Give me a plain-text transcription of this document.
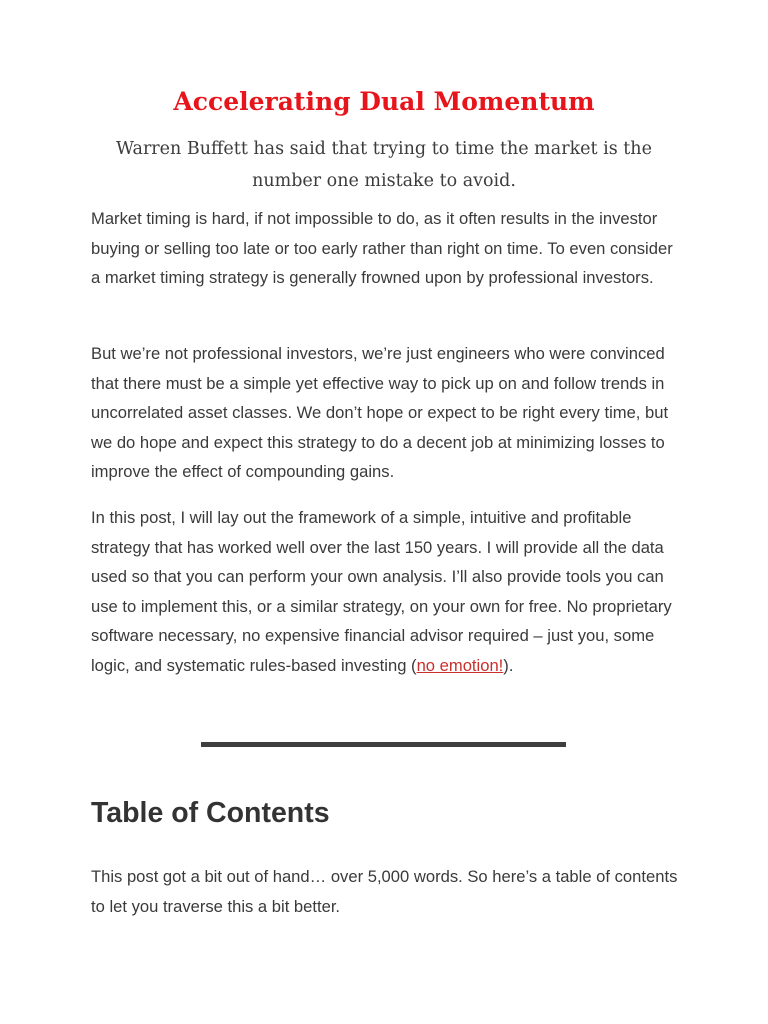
Accelerating Dual Momentum

Warren Buffett has said that trying to time the market is the number one mistake to avoid.

Market timing is hard, if not impossible to do, as it often results in the investor buying or selling too late or too early rather than right on time. To even consider a market timing strategy is generally frowned upon by professional investors.

But we’re not professional investors, we’re just engineers who were convinced that there must be a simple yet effective way to pick up on and follow trends in uncorrelated asset classes. We don’t hope or expect to be right every time, but we do hope and expect this strategy to do a decent job at minimizing losses to improve the effect of compounding gains.

In this post, I will lay out the framework of a simple, intuitive and profitable strategy that has worked well over the last 150 years. I will provide all the data used so that you can perform your own analysis. I’ll also provide tools you can use to implement this, or a similar strategy, on your own for free. No proprietary software necessary, no expensive financial advisor required – just you, some logic, and systematic rules-based investing (no emotion!).

Table of Contents

This post got a bit out of hand… over 5,000 words. So here’s a table of contents to let you traverse this a bit better.
